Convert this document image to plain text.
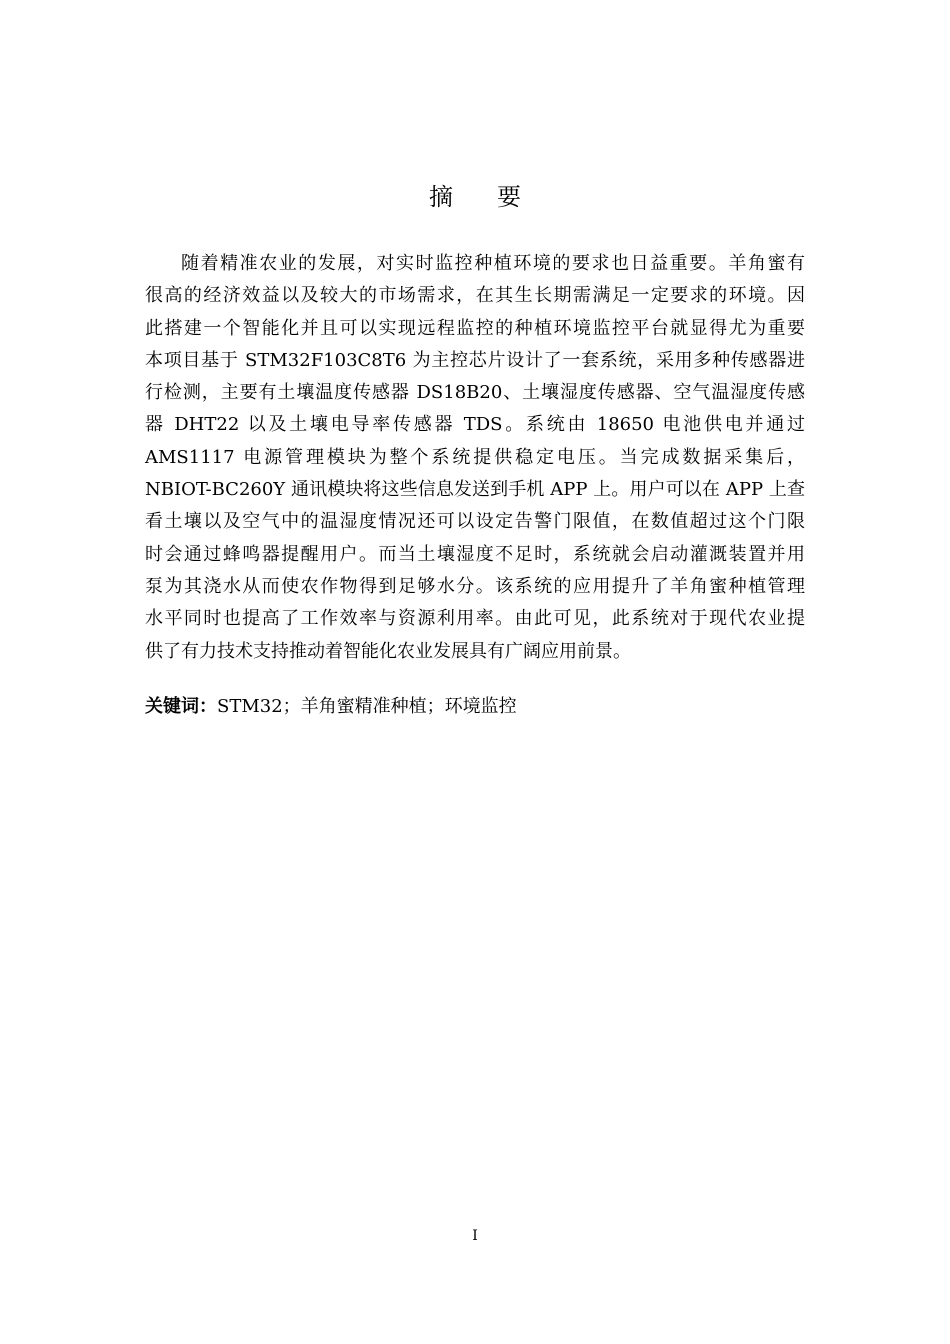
摘 要
随着精准农业的发展，对实时监控种植环境的要求也日益重要。羊角蜜有
很高的经济效益以及较大的市场需求，在其生长期需满足一定要求的环境。因
此搭建一个智能化并且可以实现远程监控的种植环境监控平台就显得尤为重要
本项目基于 STM32F103C8T6 为主控芯片设计了一套系统，采用多种传感器进
行检测，主要有土壤温度传感器 DS18B20、土壤湿度传感器、空气温湿度传感
器 DHT22 以及土壤电导率传感器 TDS。系统由 18650 电池供电并通过
AMS1117 电源管理模块为整个系统提供稳定电压。当完成数据采集后，
NBIOT-BC260Y 通讯模块将这些信息发送到手机 APP 上。用户可以在 APP 上查
看土壤以及空气中的温湿度情况还可以设定告警门限值，在数值超过这个门限
时会通过蜂鸣器提醒用户。而当土壤湿度不足时，系统就会启动灌溉装置并用
泵为其浇水从而使农作物得到足够水分。该系统的应用提升了羊角蜜种植管理
水平同时也提高了工作效率与资源利用率。由此可见，此系统对于现代农业提
供了有力技术支持推动着智能化农业发展具有广阔应用前景。
关键词：STM32；羊角蜜精准种植；环境监控
I
